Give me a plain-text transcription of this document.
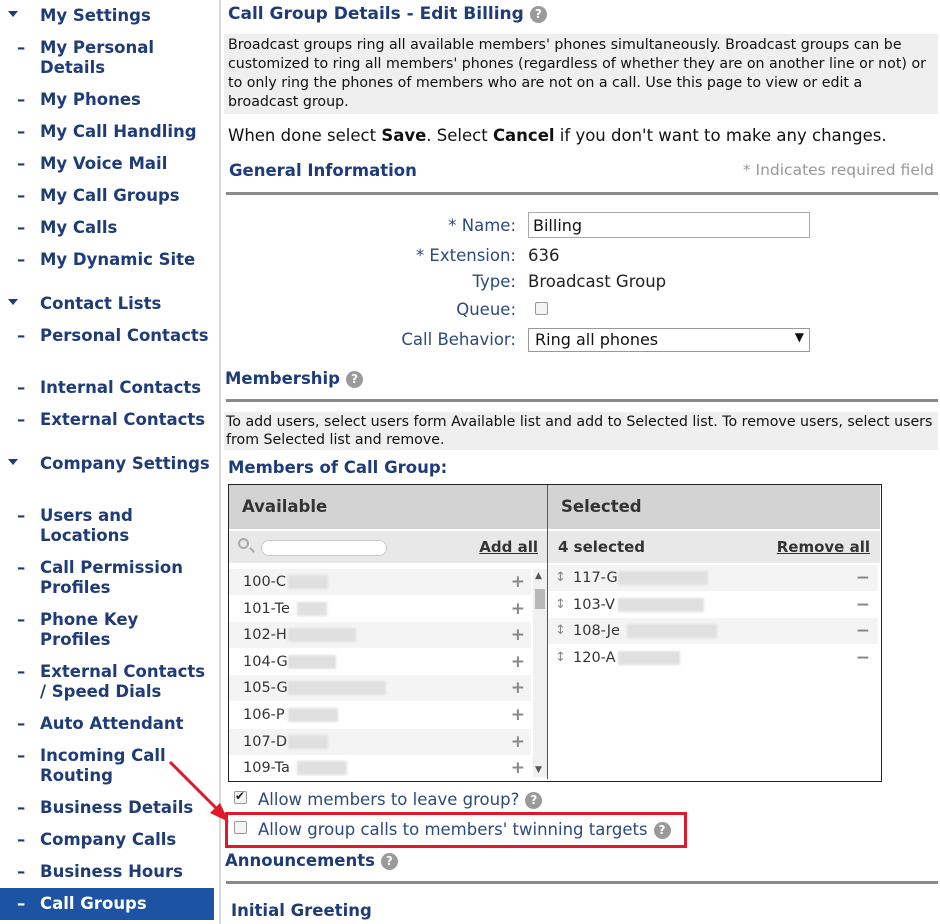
My Settings
– My Personal Details
– My Phones
– My Call Handling
– My Voice Mail
– My Call Groups
– My Calls
– My Dynamic Site
Contact Lists
– Personal Contacts
– Internal Contacts
– External Contacts
Company Settings
– Users and Locations
– Call Permission Profiles
– Phone Key Profiles
– External Contacts / Speed Dials
– Auto Attendant
– Incoming Call Routing
– Business Details
– Company Calls
– Business Hours
– Call Groups
Call Group Details - Edit Billing ?
Broadcast groups ring all available members' phones simultaneously. Broadcast groups can be customized to ring all members' phones (regardless of whether they are on another line or not) or to only ring the phones of members who are not on a call. Use this page to view or edit a broadcast group.
When done select Save. Select Cancel if you don't want to make any changes.
General Information	* Indicates required field
* Name:
Billing
* Extension: 636
Type: Broadcast Group
Queue:
Call Behavior:	Ring all phones	▼
Membership ?
To add users, select users form Available list and add to Selected list. To remove users, select users from Selected list and remove.
Members of Call Group:
Available
Add all
100-C	+
101-Te	+
102-H	+
104-G	+
105-G	+
106-P	+
107-D	+
109-Ta	+
▲
▼
Selected
4 selected	Remove all
↕ 117-G	−
↕ 103-V	−
↕ 108-Je	−
↕ 120-A	−
✔
Allow members to leave group? ?
Allow group calls to members' twinning targets ?
Announcements ?
Initial Greeting
